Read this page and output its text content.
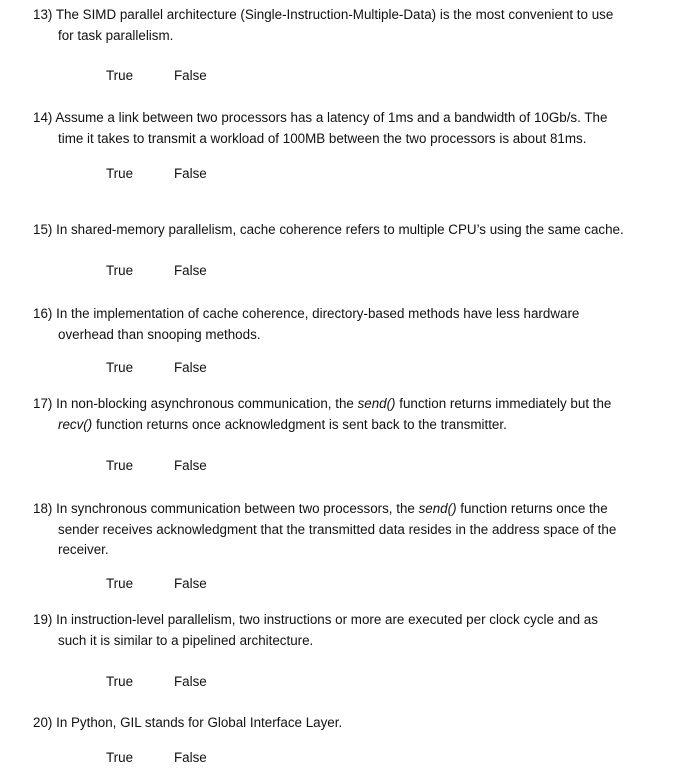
13) The SIMD parallel architecture (Single-Instruction-Multiple-Data) is the most convenient to use
for task parallelism.
True	False
14) Assume a link between two processors has a latency of 1ms and a bandwidth of 10Gb/s. The
time it takes to transmit a workload of 100MB between the two processors is about 81ms.
True	False
15) In shared-memory parallelism, cache coherence refers to multiple CPU’s using the same cache.
True	False
16) In the implementation of cache coherence, directory-based methods have less hardware
overhead than snooping methods.
True	False
17) In non-blocking asynchronous communication, the send() function returns immediately but the
recv() function returns once acknowledgment is sent back to the transmitter.
True	False
18) In synchronous communication between two processors, the send() function returns once the
sender receives acknowledgment that the transmitted data resides in the address space of the
receiver.
True	False
19) In instruction-level parallelism, two instructions or more are executed per clock cycle and as
such it is similar to a pipelined architecture.
True	False
20) In Python, GIL stands for Global Interface Layer.
True	False
